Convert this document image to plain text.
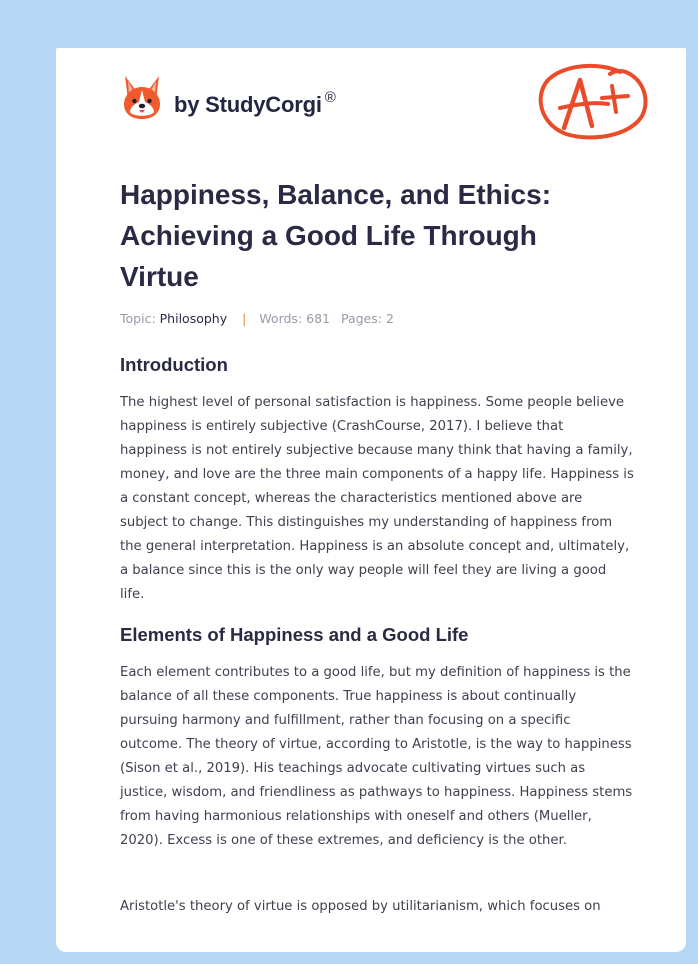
by StudyCorgi ®
Happiness, Balance, and Ethics: Achieving a Good Life Through Virtue
Topic: Philosophy | Words: 681 Pages: 2
Introduction

The highest level of personal satisfaction is happiness. Some people believe happiness is entirely subjective (CrashCourse, 2017). I believe that happiness is not entirely subjective because many think that having a family, money, and love are the three main components of a happy life. Happiness is a constant concept, whereas the characteristics mentioned above are subject to change. This distinguishes my understanding of happiness from the general interpretation. Happiness is an absolute concept and, ultimately, a balance since this is the only way people will feel they are living a good life.

Elements of Happiness and a Good Life

Each element contributes to a good life, but my definition of happiness is the balance of all these components. True happiness is about continually pursuing harmony and fulfillment, rather than focusing on a specific outcome. The theory of virtue, according to Aristotle, is the way to happiness (Sison et al., 2019). His teachings advocate cultivating virtues such as justice, wisdom, and friendliness as pathways to happiness. Happiness stems from having harmonious relationships with oneself and others (Mueller, 2020). Excess is one of these extremes, and deficiency is the other.

Aristotle's theory of virtue is opposed by utilitarianism, which focuses on
